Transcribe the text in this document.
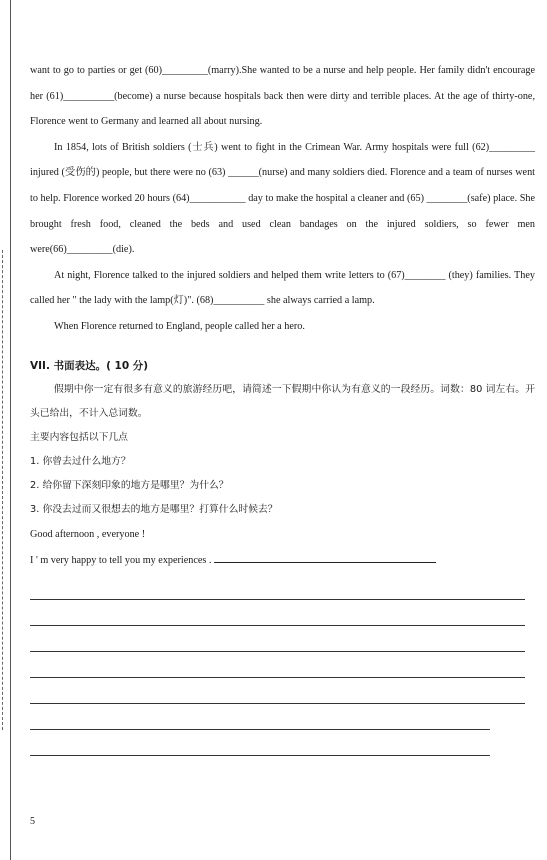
want to go to parties or get (60)_________(marry).She wanted to be a nurse and help people. Her family didn't encourage her (61)__________(become) a nurse because hospitals back then were dirty and terrible places. At the age of thirty-one, Florence went to Germany and learned all about nursing.

In 1854, lots of British soldiers (士兵) went to fight in the Crimean War. Army hospitals were full (62)_________ injured (受伤的) people, but there were no (63) ______(nurse) and many soldiers died. Florence and a team of nurses went to help. Florence worked 20 hours (64)___________ day to make the hospital a cleaner and (65) ________(safe) place. She brought fresh food, cleaned the beds and used clean bandages on the injured soldiers, so fewer men were(66)_________(die).

At night, Florence talked to the injured soldiers and helped them write letters to (67)________ (they) families. They called her " the lady with the lamp(灯)". (68)__________ she always carried a lamp.

When Florence returned to England, people called her a hero.

VII. 书面表达。( 10 分)

假期中你一定有很多有意义的旅游经历吧，请简述一下假期中你认为有意义的一段经历。词数：80 词左右。开头已给出，不计入总词数。

主要内容包括以下几点

1. 你曾去过什么地方？

2. 给你留下深刻印象的地方是哪里？为什么？

3. 你没去过而又很想去的地方是哪里？打算什么时候去？

Good afternoon , everyone !

I ' m very happy to tell you my experiences .

5
